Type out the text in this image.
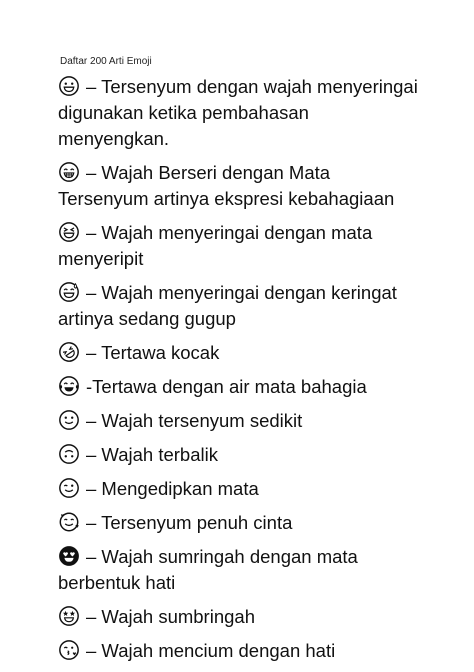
Daftar 200 Arti Emoji
– Tersenyum dengan wajah menyeringai digunakan ketika pembahasan menyengkan.
– Wajah Berseri dengan Mata Tersenyum artinya ekspresi kebahagiaan
– Wajah menyeringai dengan mata menyeripit
– Wajah menyeringai dengan keringat artinya sedang gugup
– Tertawa kocak
-Tertawa dengan air mata bahagia
– Wajah tersenyum sedikit
– Wajah terbalik
– Mengedipkan mata
– Tersenyum penuh cinta
– Wajah sumringah dengan mata berbentuk hati
– Wajah sumbringah
– Wajah mencium dengan hati
